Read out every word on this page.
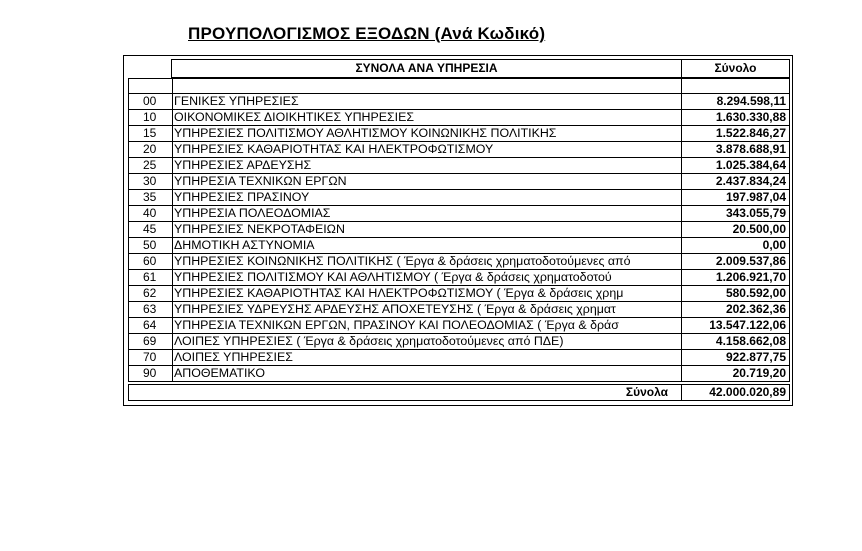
ΠΡΟΥΠΟΛΟΓΙΣΜΟΣ ΕΞΟΔΩΝ (Ανά Κωδικό)
ΣΥΝΟΛΑ ΑΝΑ ΥΠΗΡΕΣΙΑ	Σύνολο
00	ΓΕΝΙΚΕΣ ΥΠΗΡΕΣΙΕΣ	8.294.598,11
10	ΟΙΚΟΝΟΜΙΚΕΣ ΔΙΟΙΚΗΤΙΚΕΣ ΥΠΗΡΕΣΙΕΣ	1.630.330,88
15	ΥΠΗΡΕΣΙΕΣ ΠΟΛΙΤΙΣΜΟΥ ΑΘΛΗΤΙΣΜΟΥ ΚΟΙΝΩΝΙΚΗΣ ΠΟΛΙΤΙΚΗΣ	1.522.846,27
20	ΥΠΗΡΕΣΙΕΣ ΚΑΘΑΡΙΟΤΗΤΑΣ ΚΑΙ ΗΛΕΚΤΡΟΦΩΤΙΣΜΟΥ	3.878.688,91
25	ΥΠΗΡΕΣΙΕΣ ΑΡΔΕΥΣΗΣ	1.025.384,64
30	ΥΠΗΡΕΣΙΑ ΤΕΧΝΙΚΩΝ ΕΡΓΩΝ	2.437.834,24
35	ΥΠΗΡΕΣΙΕΣ ΠΡΑΣΙΝΟΥ	197.987,04
40	ΥΠΗΡΕΣΙΑ ΠΟΛΕΟΔΟΜΙΑΣ	343.055,79
45	ΥΠΗΡΕΣΙΕΣ ΝΕΚΡΟΤΑΦΕΙΩΝ	20.500,00
50	ΔΗΜΟΤΙΚΗ ΑΣΤΥΝΟΜΙΑ	0,00
60	ΥΠΗΡΕΣΙΕΣ ΚΟΙΝΩΝΙΚΗΣ ΠΟΛΙΤΙΚΗΣ ( Έργα & δράσεις χρηματοδοτούμενες από	2.009.537,86
61	ΥΠΗΡΕΣΙΕΣ ΠΟΛΙΤΙΣΜΟΥ ΚΑΙ ΑΘΛΗΤΙΣΜΟΥ ( Έργα & δράσεις χρηματοδοτού	1.206.921,70
62	ΥΠΗΡΕΣΙΕΣ ΚΑΘΑΡΙΟΤΗΤΑΣ ΚΑΙ ΗΛΕΚΤΡΟΦΩΤΙΣΜΟΥ ( Έργα & δράσεις χρημ	580.592,00
63	ΥΠΗΡΕΣΙΕΣ ΥΔΡΕΥΣΗΣ ΑΡΔΕΥΣΗΣ ΑΠΟΧΕΤΕΥΣΗΣ ( Έργα & δράσεις χρηματ	202.362,36
64	ΥΠΗΡΕΣΙΑ ΤΕΧΝΙΚΩΝ ΕΡΓΩΝ, ΠΡΑΣΙΝΟΥ ΚΑΙ ΠΟΛΕΟΔΟΜΙΑΣ ( Έργα & δράσ	13.547.122,06
69	ΛΟΙΠΕΣ ΥΠΗΡΕΣΙΕΣ ( Έργα & δράσεις χρηματοδοτούμενες από ΠΔΕ)	4.158.662,08
70	ΛΟΙΠΕΣ ΥΠΗΡΕΣΙΕΣ	922.877,75
90	ΑΠΟΘΕΜΑΤΙΚΟ	20.719,20
Σύνολα	42.000.020,89
